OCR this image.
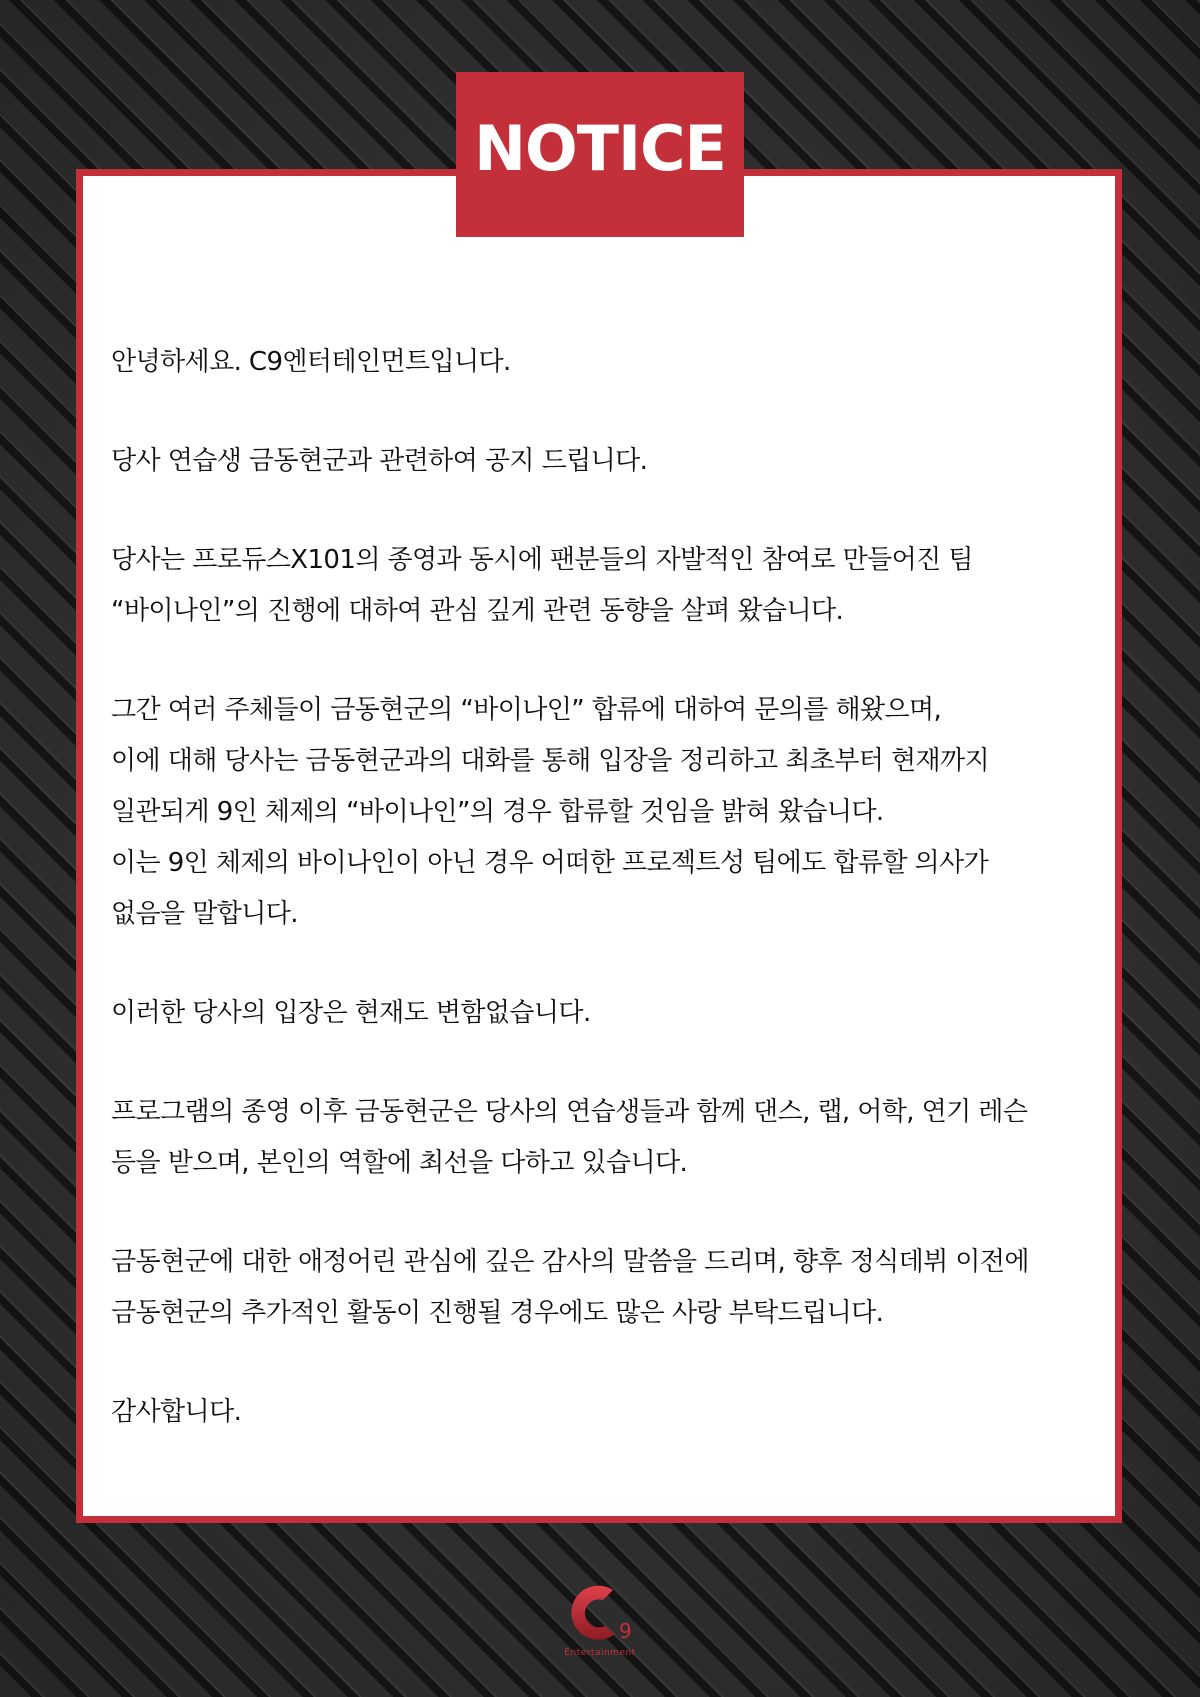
NOTICE
안녕하세요. C9엔터테인먼트입니다.
당사 연습생 금동현군과 관련하여 공지 드립니다.
당사는 프로듀스X101의 종영과 동시에 팬분들의 자발적인 참여로 만들어진 팀
“바이나인”의 진행에 대하여 관심 깊게 관련 동향을 살펴 왔습니다.
그간 여러 주체들이 금동현군의 “바이나인” 합류에 대하여 문의를 해왔으며,
이에 대해 당사는 금동현군과의 대화를 통해 입장을 정리하고 최초부터 현재까지
일관되게 9인 체제의 “바이나인”의 경우 합류할 것임을 밝혀 왔습니다.
이는 9인 체제의 바이나인이 아닌 경우 어떠한 프로젝트성 팀에도 합류할 의사가
없음을 말합니다.
이러한 당사의 입장은 현재도 변함없습니다.
프로그램의 종영 이후 금동현군은 당사의 연습생들과 함께 댄스, 랩, 어학, 연기 레슨
등을 받으며, 본인의 역할에 최선을 다하고 있습니다.
금동현군에 대한 애정어린 관심에 깊은 감사의 말씀을 드리며, 향후 정식데뷔 이전에
금동현군의 추가적인 활동이 진행될 경우에도 많은 사랑 부탁드립니다.
감사합니다.
9
Entertainment
